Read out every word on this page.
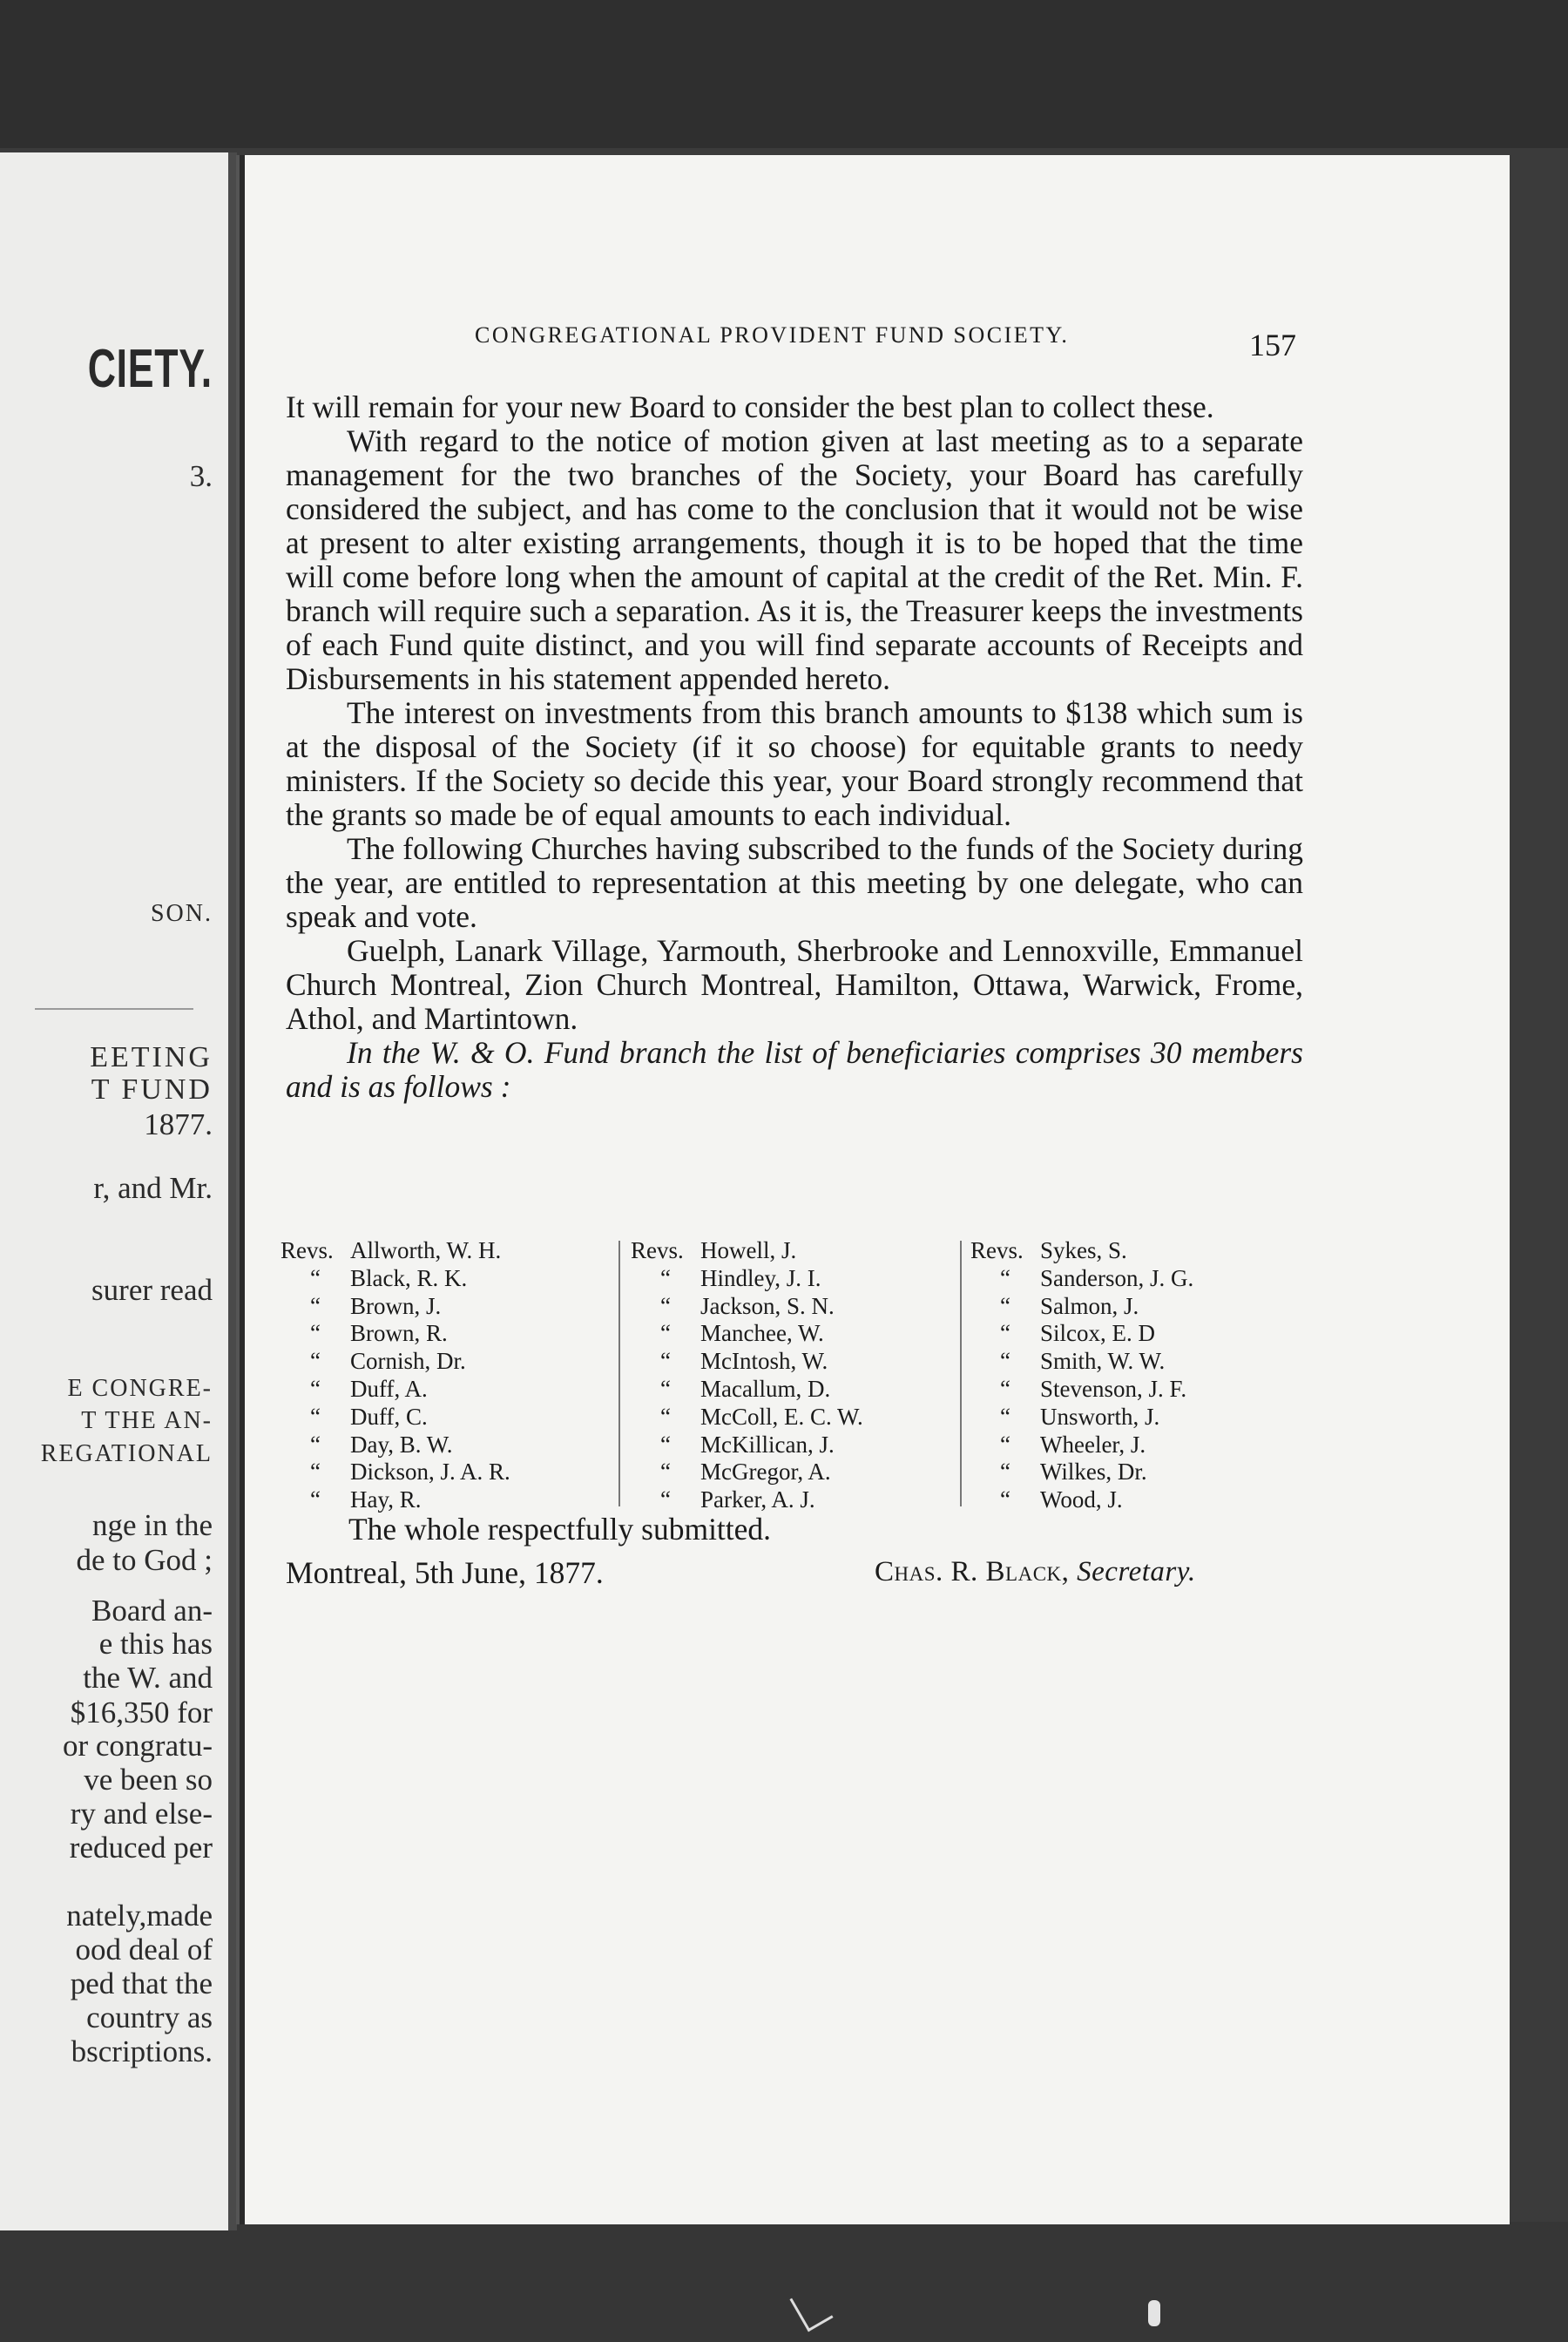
CIETY.
3.
SON.
EETING
T FUND
1877.
r, and Mr.
surer read
E CONGRE-
T THE AN-
REGATIONAL
nge in the
de to God ;
Board an-
e this has
the W. and
$16,350 for
or congratu-
ve been so
ry and else-
reduced per
nately,made
ood deal of
ped that the
country as
bscriptions.
CONGREGATIONAL PROVIDENT FUND SOCIETY.	157

It will remain for your new Board to consider the best plan to collect these.

With regard to the notice of motion given at last meeting as to a separate management for the two branches of the Society, your Board has carefully considered the subject, and has come to the conclusion that it would not be wise at present to alter existing arrangements, though it is to be hoped that the time will come before long when the amount of capital at the credit of the Ret. Min. F. branch will require such a separation. As it is, the Treasurer keeps the investments of each Fund quite distinct, and you will find separate accounts of Receipts and Disbursements in his statement appended hereto.

The interest on investments from this branch amounts to $138 which sum is at the disposal of the Society (if it so choose) for equitable grants to needy ministers. If the Society so decide this year, your Board strongly recommend that the grants so made be of equal amounts to each individual.

The following Churches having subscribed to the funds of the Society during the year, are entitled to representation at this meeting by one delegate, who can speak and vote.

Guelph, Lanark Village, Yarmouth, Sherbrooke and Lennoxville, Emmanuel Church Montreal, Zion Church Montreal, Hamilton, Ottawa, Warwick, Frome, Athol, and Martintown.

In the W. & O. Fund branch the list of beneficiaries comprises 30 members and is as follows :

Revs. Allworth, W. H.
“ Black, R. K.
“ Brown, J.
“ Brown, R.
“ Cornish, Dr.
“ Duff, A.
“ Duff, C.
“ Day, B. W.
“ Dickson, J. A. R.
“ Hay, R.
Revs. Howell, J.
“ Hindley, J. I.
“ Jackson, S. N.
“ Manchee, W.
“ McIntosh, W.
“ Macallum, D.
“ McColl, E. C. W.
“ McKillican, J.
“ McGregor, A.
“ Parker, A. J.
Revs. Sykes, S.
“ Sanderson, J. G.
“ Salmon, J.
“ Silcox, E. D
“ Smith, W. W.
“ Stevenson, J. F.
“ Unsworth, J.
“ Wheeler, J.
“ Wilkes, Dr.
“ Wood, J.
The whole respectfully submitted.
Montreal, 5th June, 1877.	Chas. R. Black, Secretary.
